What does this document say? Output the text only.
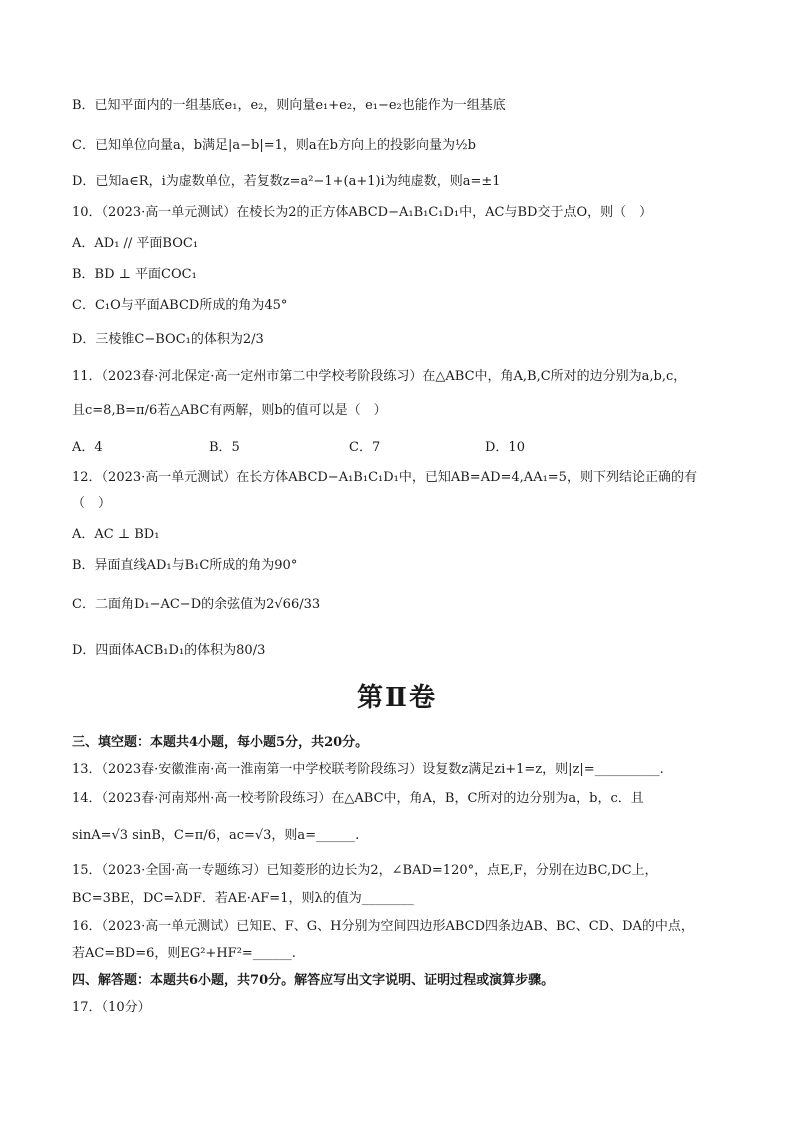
B．已知平面内的一组基底e₁，e₂，则向量e₁+e₂，e₁−e₂也能作为一组基底
C．已知单位向量a，b满足|a−b|=1，则a在b方向上的投影向量为½b
D．已知a∈R，i为虚数单位，若复数z=a²−1+(a+1)i为纯虚数，则a=±1
10．（2023·高一单元测试）在棱长为2的正方体ABCD−A₁B₁C₁D₁中，AC与BD交于点O，则（　）
A．AD₁ // 平面BOC₁
B．BD ⊥ 平面COC₁
C．C₁O与平面ABCD所成的角为45°
D．三棱锥C−BOC₁的体积为2/3
11．（2023春·河北保定·高一定州市第二中学校考阶段练习）在△ABC中，角A,B,C所对的边分别为a,b,c，
且c=8,B=π/6若△ABC有两解，则b的值可以是（　）
A．4	B．5	C．7	D．10
12．（2023·高一单元测试）在长方体ABCD−A₁B₁C₁D₁中，已知AB=AD=4,AA₁=5，则下列结论正确的有
（　）
A．AC ⊥ BD₁
B．异面直线AD₁与B₁C所成的角为90°
C．二面角D₁−AC−D的余弦值为2√66/33
D．四面体ACB₁D₁的体积为80/3
第Ⅱ卷
三、填空题：本题共4小题，每小题5分，共20分。
13．（2023春·安徽淮南·高一淮南第一中学校联考阶段练习）设复数z满足zi+1=z，则|z|=__________.
14．（2023春·河南郑州·高一校考阶段练习）在△ABC中，角A，B，C所对的边分别为a，b，c．且
sinA=√3 sinB，C=π/6，ac=√3，则a=______.
15．（2023·全国·高一专题练习）已知菱形的边长为2，∠BAD=120°，点E,F，分别在边BC,DC上，
BC=3BE，DC=λDF．若AE·AF=1，则λ的值为________
16．（2023·高一单元测试）已知E、F、G、H分别为空间四边形ABCD四条边AB、BC、CD、DA的中点，
若AC=BD=6，则EG²+HF²=______.
四、解答题：本题共6小题，共70分。解答应写出文字说明、证明过程或演算步骤。
17．（10分）
